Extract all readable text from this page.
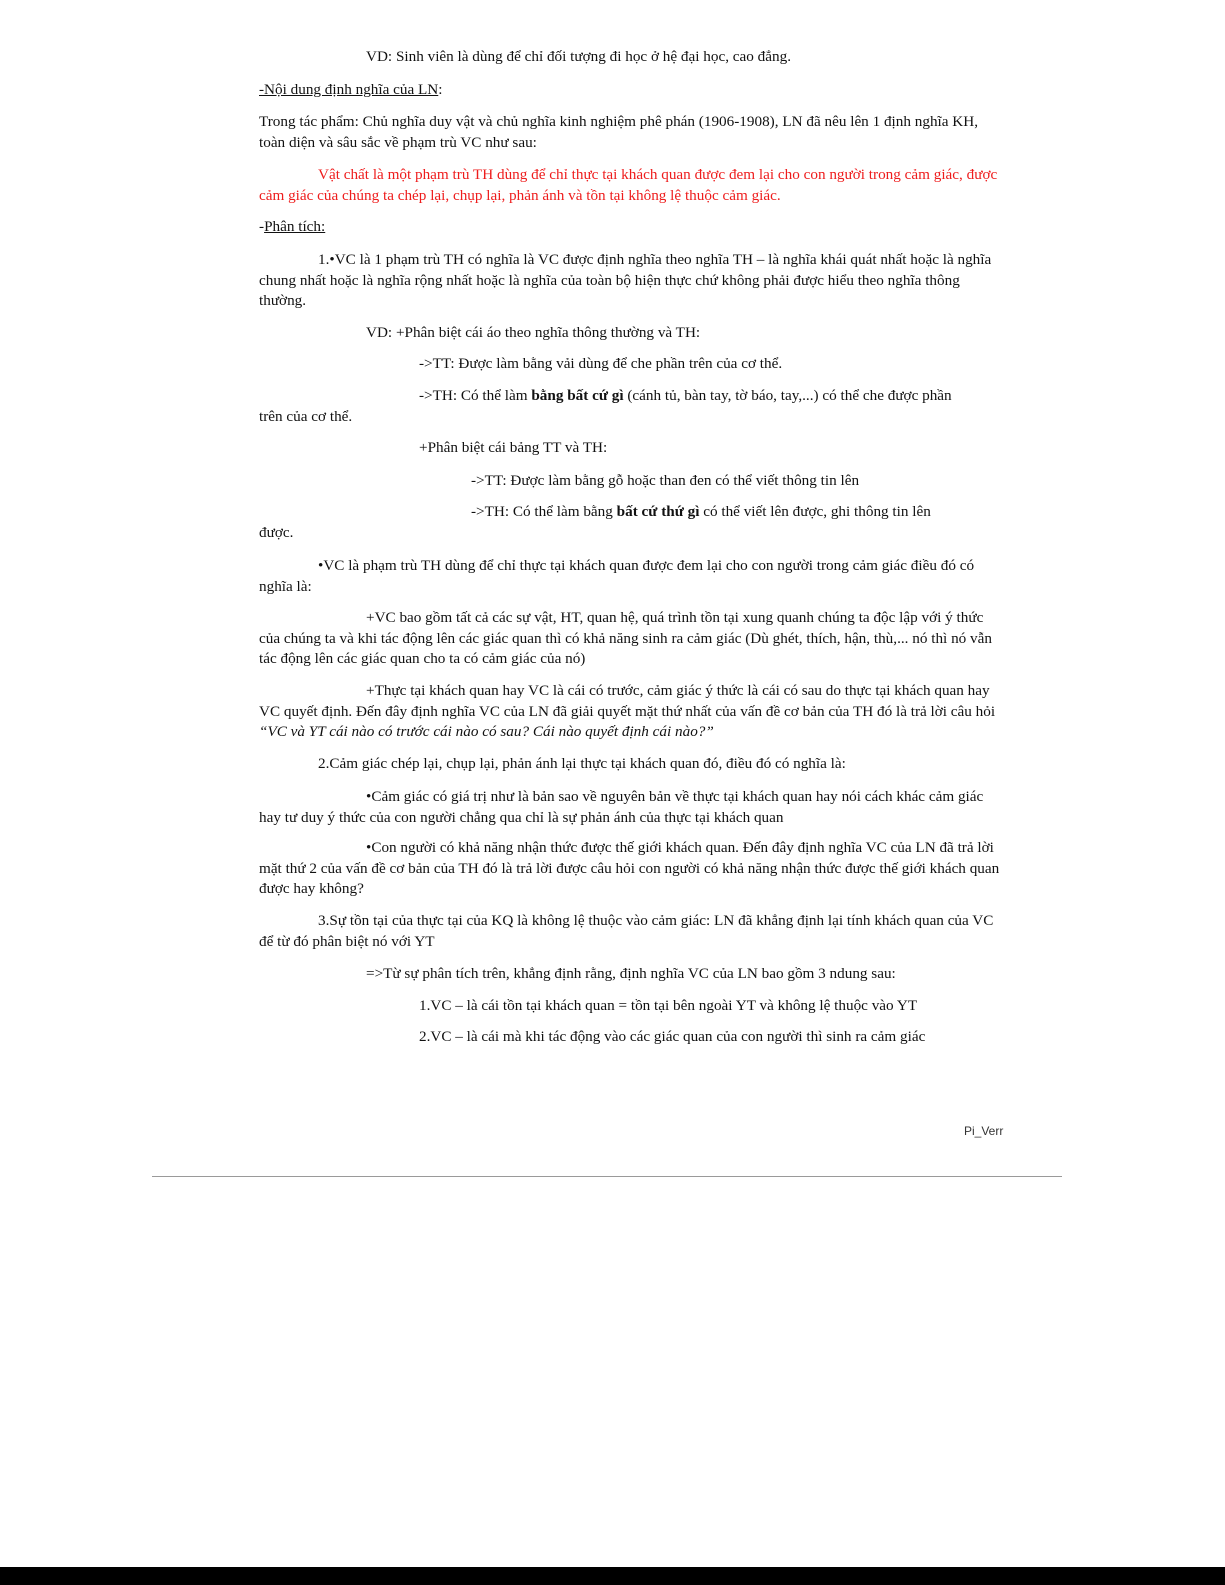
VD: Sinh viên là dùng để chỉ đối tượng đi học ở hệ đại học, cao đẳng.

-Nội dung định nghĩa của LN:

Trong tác phẩm: Chủ nghĩa duy vật và chủ nghĩa kinh nghiệm phê phán (1906-1908), LN đã nêu lên 1 định nghĩa KH, toàn diện và sâu sắc về phạm trù VC như sau:

Vật chất là một phạm trù TH dùng để chỉ thực tại khách quan được đem lại cho con người trong cảm giác, được cảm giác của chúng ta chép lại, chụp lại, phản ánh và tồn tại không lệ thuộc cảm giác.

-Phân tích:

1.•VC là 1 phạm trù TH có nghĩa là VC được định nghĩa theo nghĩa TH – là nghĩa khái quát nhất hoặc là nghĩa chung nhất hoặc là nghĩa rộng nhất hoặc là nghĩa của toàn bộ hiện thực chứ không phải được hiểu theo nghĩa thông thường.

VD: +Phân biệt cái áo theo nghĩa thông thường và TH:

->TT: Được làm bằng vải dùng để che phần trên của cơ thể.

->TH: Có thể làm bằng bất cứ gì (cánh tủ, bàn tay, tờ báo, tay,...) có thể che được phần
trên của cơ thể.

+Phân biệt cái bảng TT và TH:

->TT: Được làm bằng gỗ hoặc than đen có thể viết thông tin lên

->TH: Có thể làm bằng bất cứ thứ gì có thể viết lên được, ghi thông tin lên
được.

•VC là phạm trù TH dùng để chỉ thực tại khách quan được đem lại cho con người trong cảm giác điều đó có nghĩa là:

+VC bao gồm tất cả các sự vật, HT, quan hệ, quá trình tồn tại xung quanh chúng ta độc lập với ý thức của chúng ta và khi tác động lên các giác quan thì có khả năng sinh ra cảm giác (Dù ghét, thích, hận, thù,... nó thì nó vẫn tác động lên các giác quan cho ta có cảm giác của nó)

+Thực tại khách quan hay VC là cái có trước, cảm giác ý thức là cái có sau do thực tại khách quan hay VC quyết định. Đến đây định nghĩa VC của LN đã giải quyết mặt thứ nhất của vấn đề cơ bản của TH đó là trả lời câu hỏi “VC và YT cái nào có trước cái nào có sau? Cái nào quyết định cái nào?”

2.Cảm giác chép lại, chụp lại, phản ánh lại thực tại khách quan đó, điều đó có nghĩa là:

•Cảm giác có giá trị như là bản sao về nguyên bản về thực tại khách quan hay nói cách khác cảm giác hay tư duy ý thức của con người chẳng qua chỉ là sự phản ánh của thực tại khách quan

•Con người có khả năng nhận thức được thế giới khách quan. Đến đây định nghĩa VC của LN đã trả lời mặt thứ 2 của vấn đề cơ bản của TH đó là trả lời được câu hỏi con người có khả năng nhận thức được thế giới khách quan được hay không?

3.Sự tồn tại của thực tại của KQ là không lệ thuộc vào cảm giác: LN đã khẳng định lại tính khách quan của VC để từ đó phân biệt nó với YT

=>Từ sự phân tích trên, khẳng định rằng, định nghĩa VC của LN bao gồm 3 ndung sau:

1.VC – là cái tồn tại khách quan = tồn tại bên ngoài YT và không lệ thuộc vào YT

2.VC – là cái mà khi tác động vào các giác quan của con người thì sinh ra cảm giác

Pi_Verr
